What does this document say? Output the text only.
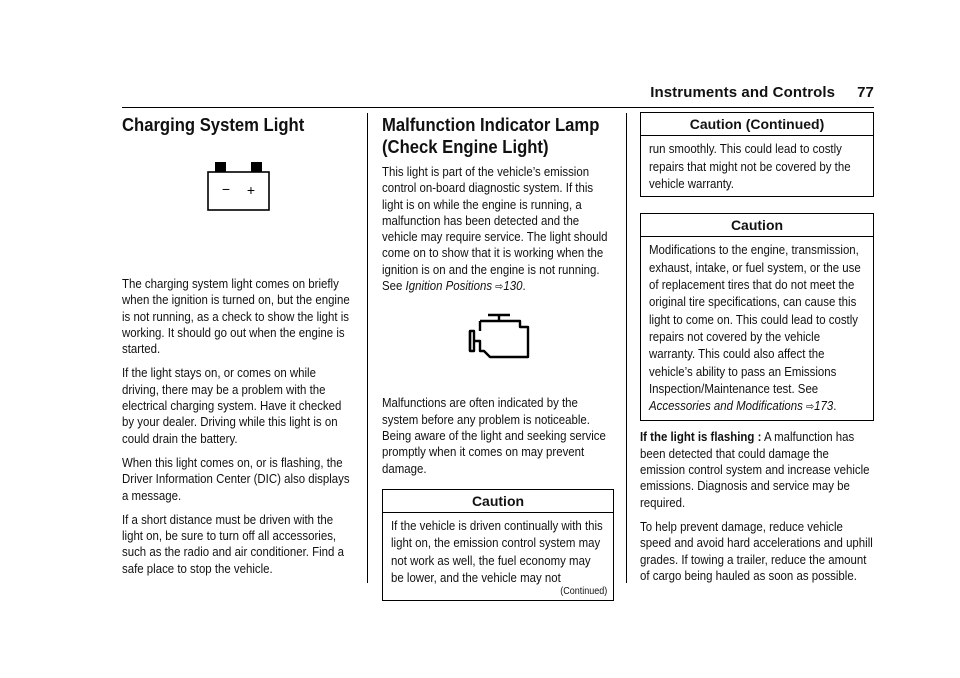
Instruments and Controls 77
Charging System Light
− +

The charging system light comes on briefly when the ignition is turned on, but the engine is not running, as a check to show the light is working. It should go out when the engine is started.

If the light stays on, or comes on while driving, there may be a problem with the electrical charging system. Have it checked by your dealer. Driving while this light is on could drain the battery.

When this light comes on, or is flashing, the Driver Information Center (DIC) also displays a message.

If a short distance must be driven with the light on, be sure to turn off all accessories, such as the radio and air conditioner. Find a safe place to stop the vehicle.

Malfunction Indicator Lamp
(Check Engine Light)

This light is part of the vehicle’s emission control on-board diagnostic system. If this light is on while the engine is running, a malfunction has been detected and the vehicle may require service. The light should come on to show that it is working when the ignition is on and the engine is not running. See Ignition Positions ⇨130.

Malfunctions are often indicated by the system before any problem is noticeable. Being aware of the light and seeking service promptly when it comes on may prevent damage.

Caution

If the vehicle is driven continually with this light on, the emission control system may not work as well, the fuel economy may be lower, and the vehicle may not

(Continued)
Caution (Continued)

run smoothly. This could lead to costly repairs that might not be covered by the vehicle warranty.

Caution

Modifications to the engine, transmission, exhaust, intake, or fuel system, or the use of replacement tires that do not meet the original tire specifications, can cause this light to come on. This could lead to costly repairs not covered by the vehicle warranty. This could also affect the vehicle’s ability to pass an Emissions Inspection/Maintenance test. See Accessories and Modifications ⇨173.

If the light is flashing : A malfunction has been detected that could damage the emission control system and increase vehicle emissions. Diagnosis and service may be required.

To help prevent damage, reduce vehicle speed and avoid hard accelerations and uphill grades. If towing a trailer, reduce the amount of cargo being hauled as soon as possible.
